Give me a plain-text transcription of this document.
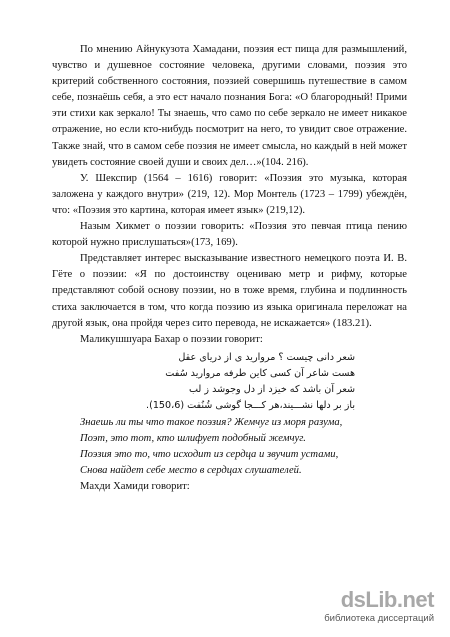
По мнению Айнукузота Хамадани, поэзия ест пища для размышлений, чувство и душевное состояние человека, другими словами, поэзия это критерий собственного состояния, поэзией совершишь путешествие в самом себе, познаёшь себя, а это ест начало познания Бога: «О благородный! Прими эти стихи как зеркало! Ты знаешь, что само по себе зеркало не имеет никакое отражение, но если кто-нибудь посмотрит на него, то увидит свое отражение. Также знай, что в самом себе поэзия не имеет смысла, но каждый в ней может увидеть состояние своей души и своих дел…»(104. 216).

У. Шекспир (1564 – 1616) говорит: «Поэзия это музыка, которая заложена у каждого внутри» (219, 12). Мор Монтель (1723 – 1799) убеждён, что: «Поэзия это картина, которая имеет язык» (219,12).

Назым Хикмет о поэзии говорить: «Поэзия это певчая птица пению которой нужно прислушаться»(173, 169).

Представляет интерес высказывание известного немецкого поэта И. В. Гёте о поэзии: «Я по достоинству оцениваю метр и рифму, которые представляют собой основу поэзии, но в тоже время, глубина и подлинность стиха заключается в том, что когда поэзию из языка оригинала переложат на другой язык, она пройдя через сито перевода, не искажается» (183.21).

Маликушшуара Бахар о поэзии говорит:

شعر دانی چیست ؟ مروارید ی از دریای عقل
هست شاعر آن کسی کاین طرفه مروارید سُفت
شعر آن باشد که خیزد از دل وجوشد ز لب
باز بر دلها نشـــیند،هر کـــجا گوشی شُنُفت (150،6).

Знаешь ли ты что такое поэзия? Жемчуг из моря разума,

Поэт, это тот, кто шлифует подобный жемчуг.

Поэзия это то, что исходит из сердца и звучит устами,

Снова найдет себе место в сердцах слушателей.

Махди Хамиди говорит:

ds Lib .net
библиотека диссертаций
